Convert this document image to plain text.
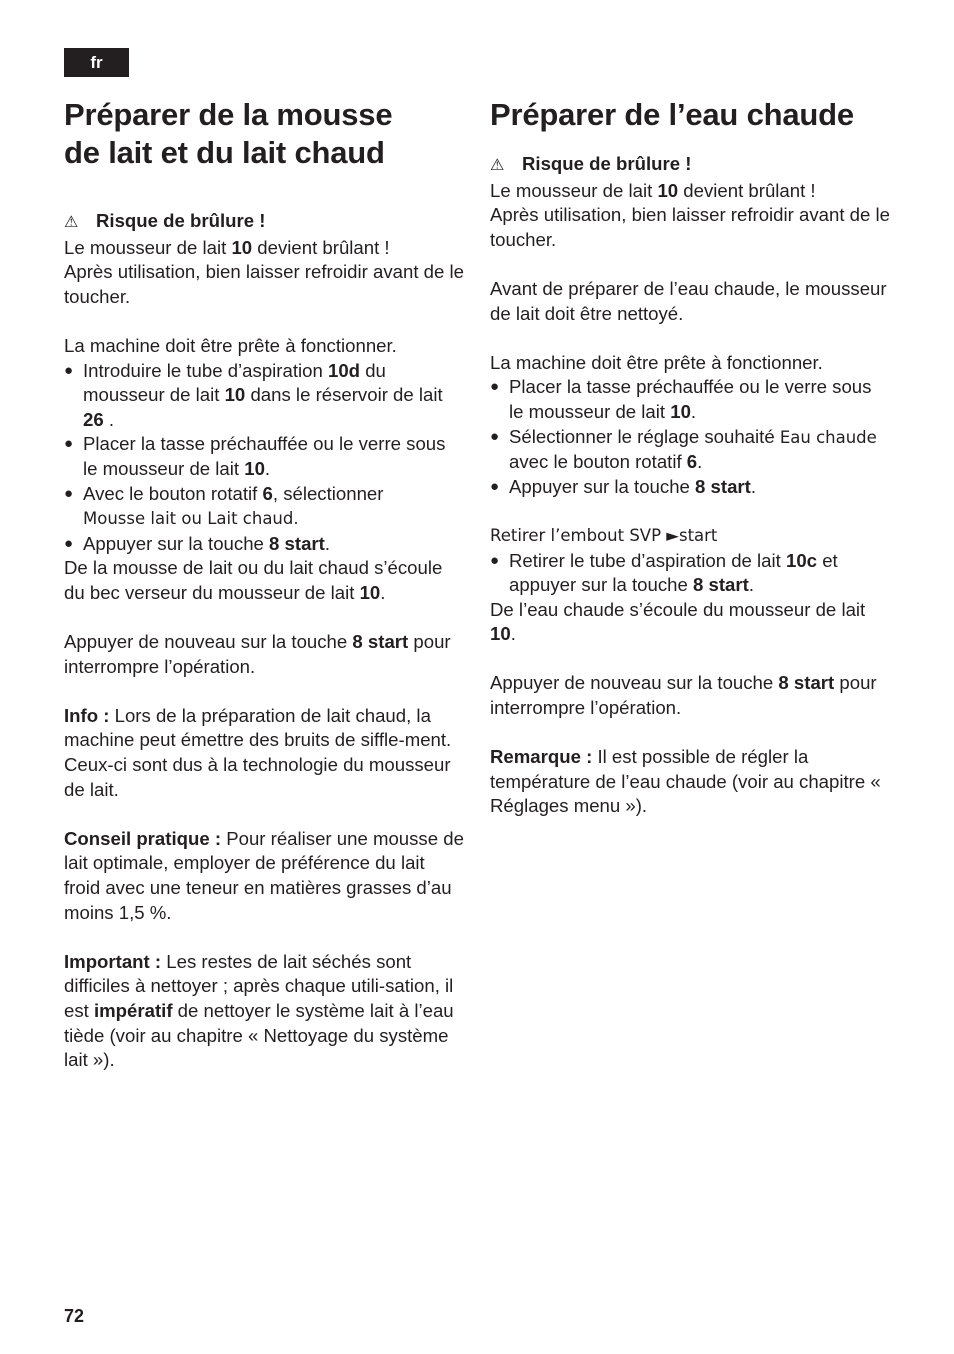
fr
Préparer de la mousse
de lait et du lait chaud

⚠ Risque de brûlure !

Le mousseur de lait 10 devient brûlant !
Après utilisation, bien laisser refroidir avant de le toucher.

La machine doit être prête à fonctionner.

● Introduire le tube d’aspiration 10d du mousseur de lait 10 dans le réservoir de lait 26 .
● Placer la tasse préchauffée ou le verre sous le mousseur de lait 10.
● Avec le bouton rotatif 6, sélectionner
Mousse lait ou Lait chaud.
● Appuyer sur la touche 8 start.

De la mousse de lait ou du lait chaud s’écoule du bec verseur du mousseur de lait 10.

Appuyer de nouveau sur la touche 8 start pour interrompre l’opération.

Info : Lors de la préparation de lait chaud, la machine peut émettre des bruits de siffle-ment. Ceux-ci sont dus à la technologie du mousseur de lait.

Conseil pratique : Pour réaliser une mousse de lait optimale, employer de préférence du lait froid avec une teneur en matières grasses d’au moins 1,5 %.

Important : Les restes de lait séchés sont difficiles à nettoyer ; après chaque utili-sation, il est impératif de nettoyer le système lait à l’eau tiède (voir au chapitre « Nettoyage du système lait »).

Préparer de l’eau chaude

⚠ Risque de brûlure !

Le mousseur de lait 10 devient brûlant !
Après utilisation, bien laisser refroidir avant de le toucher.

Avant de préparer de l’eau chaude, le mousseur de lait doit être nettoyé.

La machine doit être prête à fonctionner.

● Placer la tasse préchauffée ou le verre sous le mousseur de lait 10.
● Sélectionner le réglage souhaité Eau chaude avec le bouton rotatif 6.
● Appuyer sur la touche 8 start.

Retirer l’embout SVP ►start

● Retirer le tube d’aspiration de lait 10c et appuyer sur la touche 8 start.

De l’eau chaude s’écoule du mousseur de lait 10.

Appuyer de nouveau sur la touche 8 start pour interrompre l’opération.

Remarque : Il est possible de régler la température de l’eau chaude (voir au chapitre « Réglages menu »).

72
